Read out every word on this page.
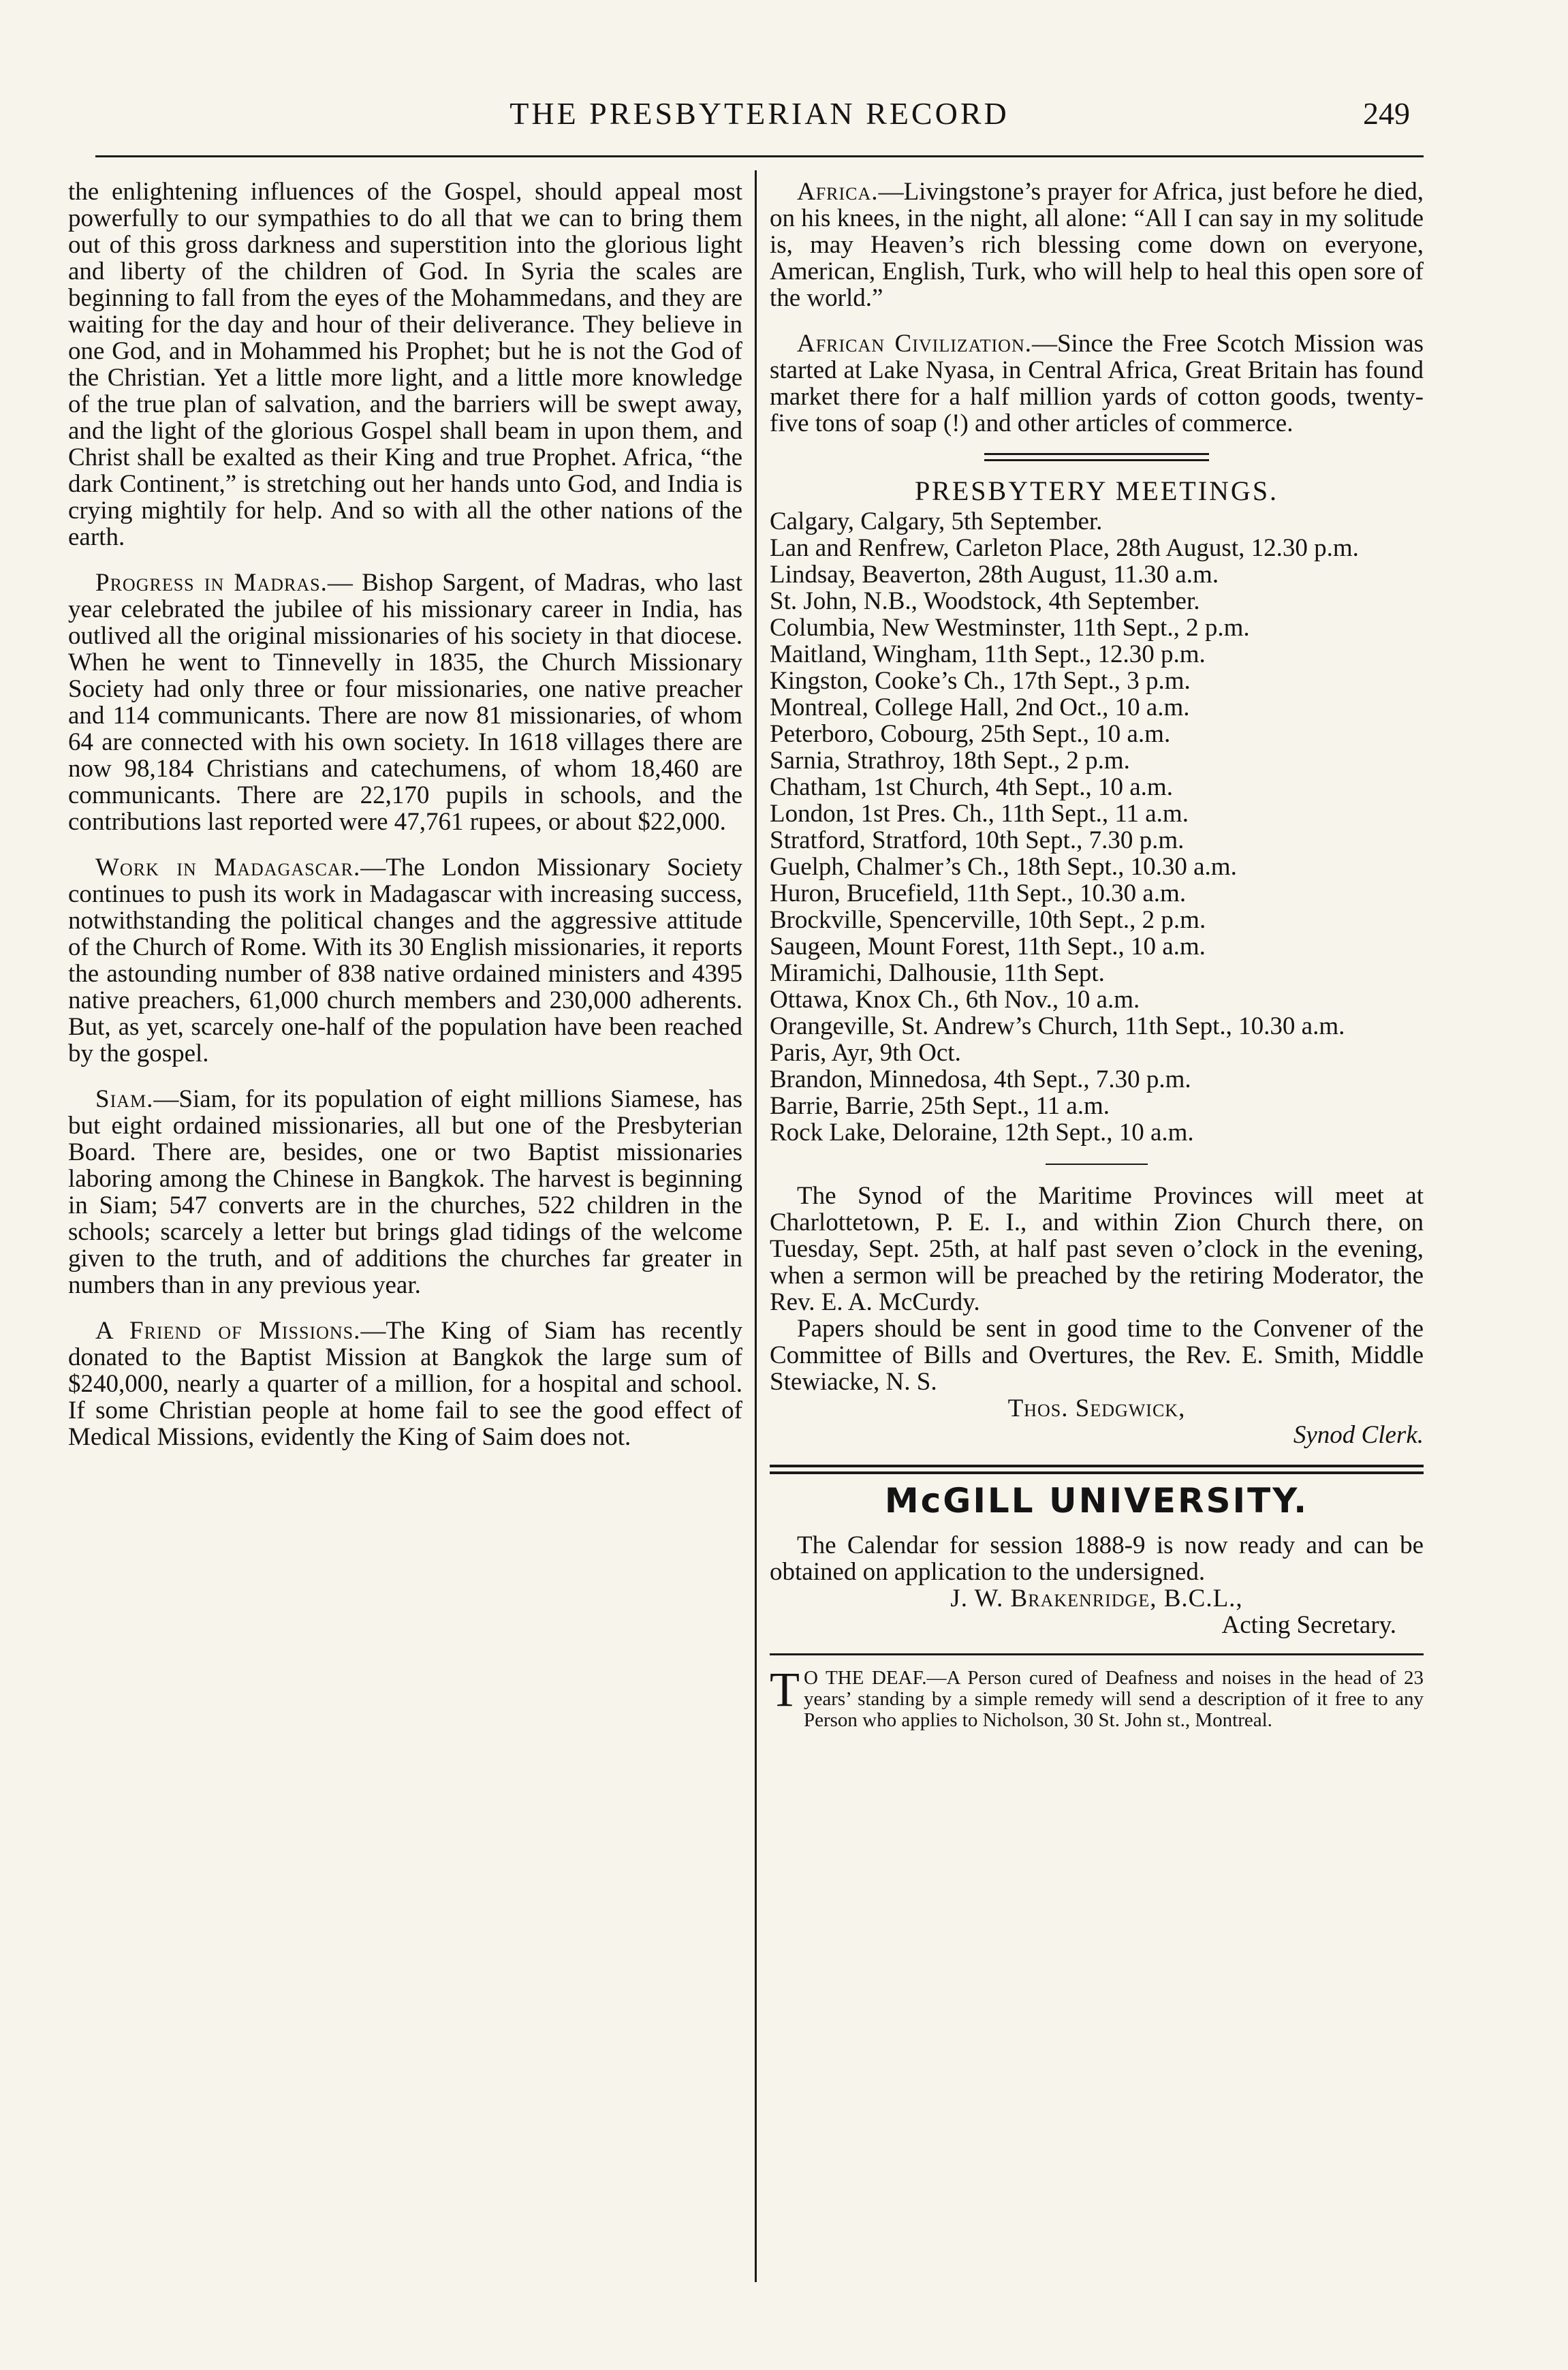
THE PRESBYTERIAN RECORD	249

the enlightening influences of the Gospel, should appeal most powerfully to our sympathies to do all that we can to bring them out of this gross darkness and superstition into the glorious light and liberty of the children of God. In Syria the scales are beginning to fall from the eyes of the Mohammedans, and they are waiting for the day and hour of their deliverance. They believe in one God, and in Mohammed his Prophet; but he is not the God of the Christian. Yet a little more light, and a little more knowledge of the true plan of salvation, and the barriers will be swept away, and the light of the glorious Gospel shall beam in upon them, and Christ shall be exalted as their King and true Prophet. Africa, “the dark Continent,” is stretching out her hands unto God, and India is crying mightily for help. And so with all the other nations of the earth.

Progress in Madras.— Bishop Sargent, of Madras, who last year celebrated the jubilee of his missionary career in India, has outlived all the original missionaries of his society in that diocese. When he went to Tinnevelly in 1835, the Church Missionary Society had only three or four missionaries, one native preacher and 114 communicants. There are now 81 missionaries, of whom 64 are connected with his own society. In 1618 villages there are now 98,184 Christians and catechumens, of whom 18,460 are communicants. There are 22,170 pupils in schools, and the contributions last reported were 47,761 rupees, or about $22,000.

Work in Madagascar.—The London Missionary Society continues to push its work in Madagascar with increasing success, notwithstanding the political changes and the aggressive attitude of the Church of Rome. With its 30 English missionaries, it reports the astounding number of 838 native ordained ministers and 4395 native preachers, 61,000 church members and 230,000 adherents. But, as yet, scarcely one-half of the population have been reached by the gospel.

Siam.—Siam, for its population of eight millions Siamese, has but eight ordained missionaries, all but one of the Presbyterian Board. There are, besides, one or two Baptist missionaries laboring among the Chinese in Bangkok. The harvest is beginning in Siam; 547 converts are in the churches, 522 children in the schools; scarcely a letter but brings glad tidings of the welcome given to the truth, and of additions the churches far greater in numbers than in any previous year.

A Friend of Missions.—The King of Siam has recently donated to the Baptist Mission at Bangkok the large sum of $240,000, nearly a quarter of a million, for a hospital and school. If some Christian people at home fail to see the good effect of Medical Missions, evidently the King of Saim does not.

Africa.—Livingstone’s prayer for Africa, just before he died, on his knees, in the night, all alone: “All I can say in my solitude is, may Heaven’s rich blessing come down on everyone, American, English, Turk, who will help to heal this open sore of the world.”

African Civilization.—Since the Free Scotch Mission was started at Lake Nyasa, in Central Africa, Great Britain has found market there for a half million yards of cotton goods, twenty-five tons of soap (!) and other articles of commerce.

PRESBYTERY MEETINGS.
Calgary, Calgary, 5th September.
Lan and Renfrew, Carleton Place, 28th August, 12.30 p.m.
Lindsay, Beaverton, 28th August, 11.30 a.m.
St. John, N.B., Woodstock, 4th September.
Columbia, New Westminster, 11th Sept., 2 p.m.
Maitland, Wingham, 11th Sept., 12.30 p.m.
Kingston, Cooke’s Ch., 17th Sept., 3 p.m.
Montreal, College Hall, 2nd Oct., 10 a.m.
Peterboro, Cobourg, 25th Sept., 10 a.m.
Sarnia, Strathroy, 18th Sept., 2 p.m.
Chatham, 1st Church, 4th Sept., 10 a.m.
London, 1st Pres. Ch., 11th Sept., 11 a.m.
Stratford, Stratford, 10th Sept., 7.30 p.m.
Guelph, Chalmer’s Ch., 18th Sept., 10.30 a.m.
Huron, Brucefield, 11th Sept., 10.30 a.m.
Brockville, Spencerville, 10th Sept., 2 p.m.
Saugeen, Mount Forest, 11th Sept., 10 a.m.
Miramichi, Dalhousie, 11th Sept.
Ottawa, Knox Ch., 6th Nov., 10 a.m.
Orangeville, St. Andrew’s Church, 11th Sept., 10.30 a.m.
Paris, Ayr, 9th Oct.
Brandon, Minnedosa, 4th Sept., 7.30 p.m.
Barrie, Barrie, 25th Sept., 11 a.m.
Rock Lake, Deloraine, 12th Sept., 10 a.m.

The Synod of the Maritime Provinces will meet at Charlottetown, P. E. I., and within Zion Church there, on Tuesday, Sept. 25th, at half past seven o’clock in the evening, when a sermon will be preached by the retiring Moderator, the Rev. E. A. McCurdy.

Papers should be sent in good time to the Convener of the Committee of Bills and Overtures, the Rev. E. Smith, Middle Stewiacke, N. S.

Thos. Sedgwick,

Synod Clerk.

McGILL UNIVERSITY.

The Calendar for session 1888-9 is now ready and can be obtained on application to the undersigned.

J. W. Brakenridge, B.C.L.,

Acting Secretary.

T O THE DEAF.—A Person cured of Deafness and noises in the head of 23 years’ standing by a simple remedy will send a description of it free to any Person who applies to Nicholson, 30 St. John st., Montreal.
